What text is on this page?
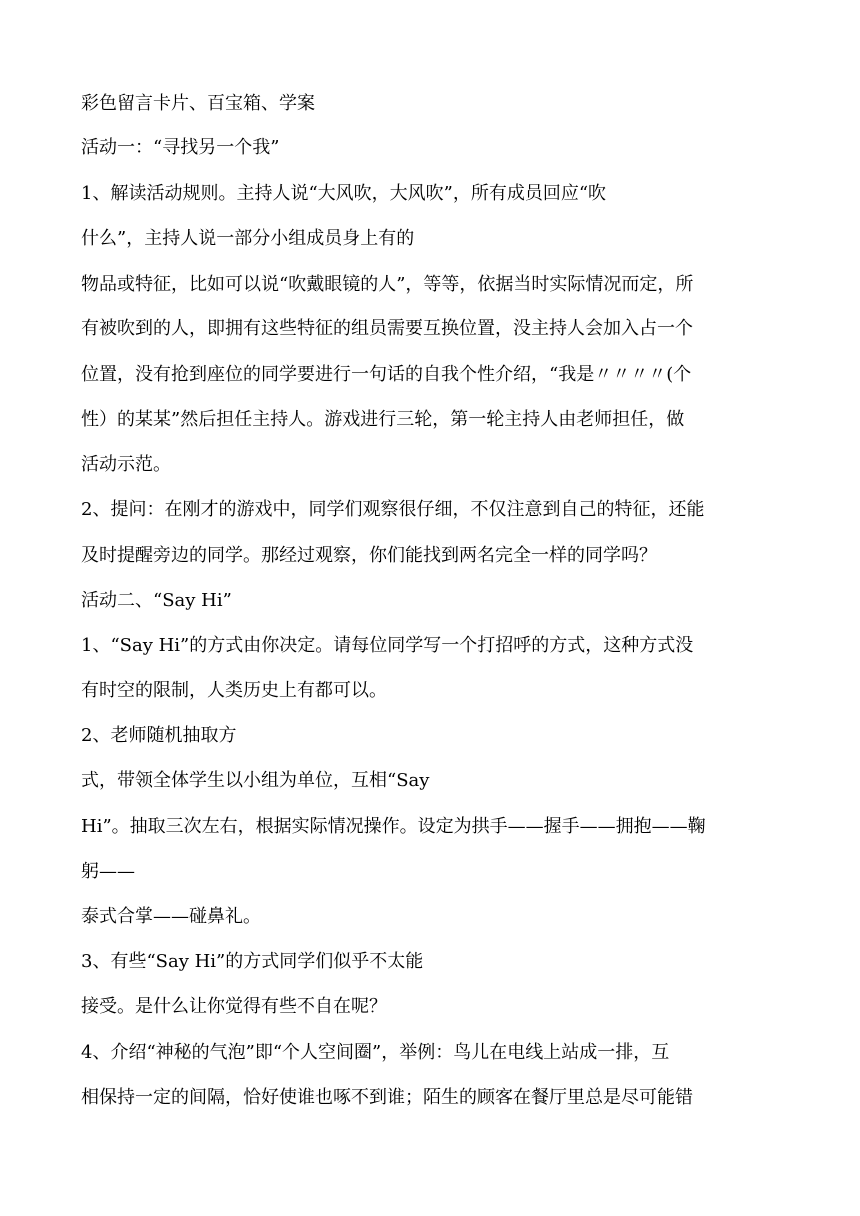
彩色留言卡片、百宝箱、学案

活动一：“寻找另一个我”

1、解读活动规则。主持人说“大风吹，大风吹”，所有成员回应“吹

什么”，主持人说一部分小组成员身上有的

物品或特征，比如可以说“吹戴眼镜的人”，等等，依据当时实际情况而定，所

有被吹到的人，即拥有这些特征的组员需要互换位置，没主持人会加入占一个

位置，没有抢到座位的同学要进行一句话的自我个性介绍，“我是〃〃〃〃(个

性）的某某”然后担任主持人。游戏进行三轮，第一轮主持人由老师担任，做

活动示范。

2、提问：在刚才的游戏中，同学们观察很仔细，不仅注意到自己的特征，还能

及时提醒旁边的同学。那经过观察，你们能找到两名完全一样的同学吗？

活动二、“Say Hi”

1、“Say Hi”的方式由你决定。请每位同学写一个打招呼的方式，这种方式没

有时空的限制，人类历史上有都可以。

2、老师随机抽取方

式，带领全体学生以小组为单位，互相“Say

Hi”。抽取三次左右，根据实际情况操作。设定为拱手——握手——拥抱——鞠

躬——

泰式合掌——碰鼻礼。

3、有些“Say Hi”的方式同学们似乎不太能

接受。是什么让你觉得有些不自在呢？

4、介绍“神秘的气泡”即“个人空间圈”，举例：鸟儿在电线上站成一排，互

相保持一定的间隔，恰好使谁也啄不到谁；陌生的顾客在餐厅里总是尽可能错
